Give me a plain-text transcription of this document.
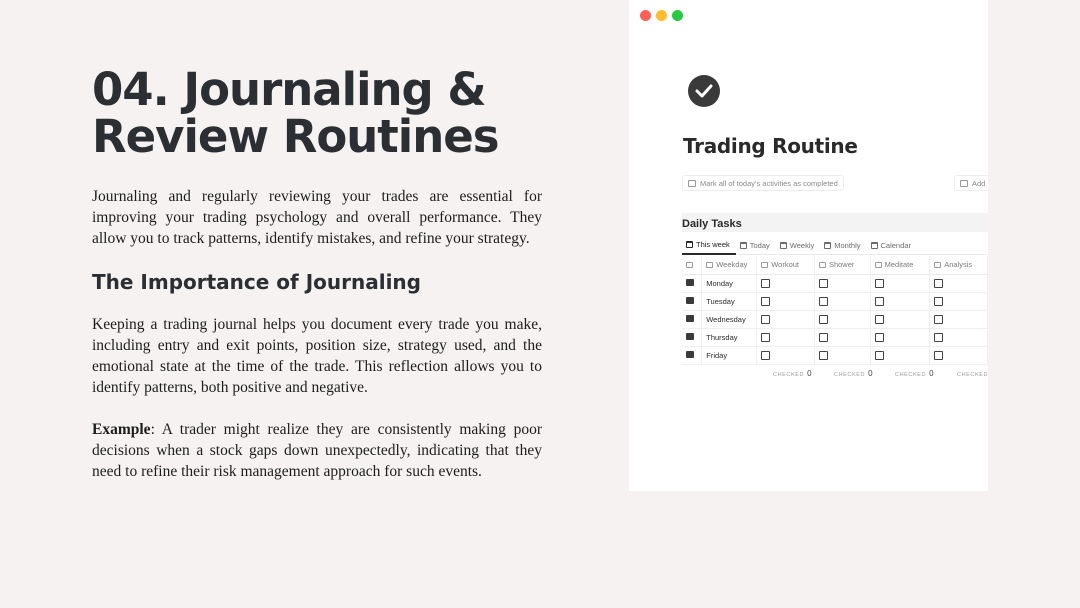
04. Journaling &
Review Routines

Journaling and regularly reviewing your trades are essential for improving your trading psychology and overall performance. They allow you to track patterns, identify mistakes, and refine your strategy.

The Importance of Journaling

Keeping a trading journal helps you document every trade you make, including entry and exit points, position size, strategy used, and the emotional state at the time of the trade. This reflection allows you to identify patterns, both positive and negative.

Example: A trader might realize they are consistently making poor decisions when a stock gaps down unexpectedly, indicating that they need to refine their risk management approach for such events.

Trading Routine
Mark all of today's activities as completed	Add
Daily Tasks
This week	Today	Weekly	Monthly	Calendar
	Weekday	Workout	Shower	Meditate	Analysis
	Monday				
	Tuesday				
	Wednesday				
	Thursday				
	Friday				
CHECKED 0	CHECKED 0	CHECKED 0	CHECKED
